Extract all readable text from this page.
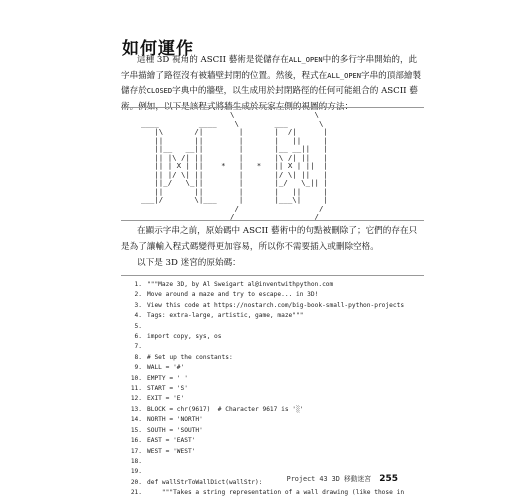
如何運作

這種 3D 視角的 ASCII 藝術是從儲存在ALL_OPEN中的多行字串開始的，此字串描繪了路徑沒有被牆壁封閉的位置。然後，程式在ALL_OPEN字串的頂部繪製儲存於CLOSED字典中的牆壁，以生成用於封閉路徑的任何可能組合的 ASCII 藝術。例如，以下是該程式將牆生成於玩家左側的視圖的方法：

\                  \
____         ____    \        ___       \
|\       /|        |       |  /|      |
||       ||        |       |   ||     |
||__   __||        |       |__ __||   |
|| |\ /| ||        |       |\ /| ||   |
|| | X | ||    *   |   *   || X | ||  |
|| |/ \| ||        |       |/ \| ||   |
||_/   \_||        |       |_/   \_|| |
||       ||        |       |   ||     |
___|/       \|___     |       |___\|     |
/                  /
/                  /

在顯示字串之前，原始碼中 ASCII 藝術中的句點被刪除了；它們的存在只是為了讓輸入程式碼變得更加容易，所以你不需要插入或刪除空格。

以下是 3D 迷宮的原始碼：

1. """Maze 3D, by Al Sweigart al@inventwithpython.com
2. Move around a maze and try to escape... in 3D!
3. View this code at https://nostarch.com/big-book-small-python-projects
4. Tags: extra-large, artistic, game, maze"""
5.
6. import copy, sys, os
7.
8. # Set up the constants:
9. WALL = '#'
10. EMPTY = ' '
11. START = 'S'
12. EXIT = 'E'
13. BLOCK = chr(9617)  # Character 9617 is '░'
14. NORTH = 'NORTH'
15. SOUTH = 'SOUTH'
16. EAST = 'EAST'
17. WEST = 'WEST'
18.
19.
20. def wallStrToWallDict(wallStr):
21.    """Takes a string representation of a wall drawing (like those in
Project 43 3D 移動迷宮 255
